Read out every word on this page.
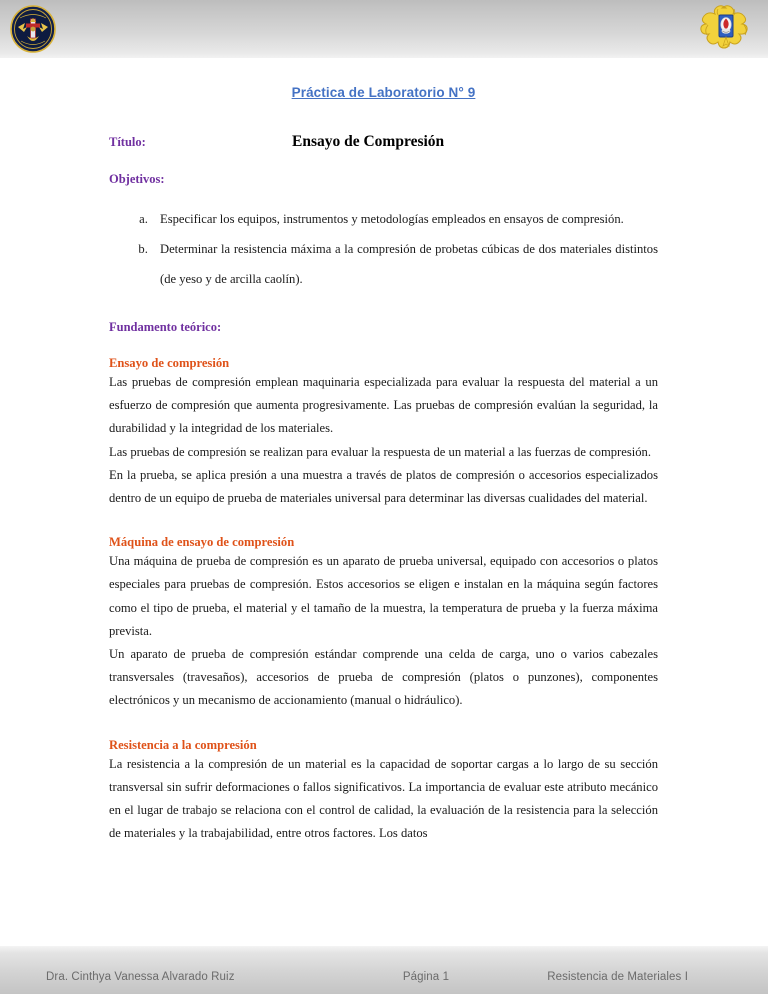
Práctica de Laboratorio N° 9
Título:	Ensayo de Compresión
Objetivos:
a. Especificar los equipos, instrumentos y metodologías empleados en ensayos de compresión.
b. Determinar la resistencia máxima a la compresión de probetas cúbicas de dos materiales distintos (de yeso y de arcilla caolín).
Fundamento teórico:
Ensayo de compresión

Las pruebas de compresión emplean maquinaria especializada para evaluar la respuesta del material a un esfuerzo de compresión que aumenta progresivamente. Las pruebas de compresión evalúan la seguridad, la durabilidad y la integridad de los materiales.

Las pruebas de compresión se realizan para evaluar la respuesta de un material a las fuerzas de compresión.

En la prueba, se aplica presión a una muestra a través de platos de compresión o accesorios especializados dentro de un equipo de prueba de materiales universal para determinar las diversas cualidades del material.

Máquina de ensayo de compresión

Una máquina de prueba de compresión es un aparato de prueba universal, equipado con accesorios o platos especiales para pruebas de compresión. Estos accesorios se eligen e instalan en la máquina según factores como el tipo de prueba, el material y el tamaño de la muestra, la temperatura de prueba y la fuerza máxima prevista.

Un aparato de prueba de compresión estándar comprende una celda de carga, uno o varios cabezales transversales (travesaños), accesorios de prueba de compresión (platos o punzones), componentes electrónicos y un mecanismo de accionamiento (manual o hidráulico).

Resistencia a la compresión

La resistencia a la compresión de un material es la capacidad de soportar cargas a lo largo de su sección transversal sin sufrir deformaciones o fallos significativos. La importancia de evaluar este atributo mecánico en el lugar de trabajo se relaciona con el control de calidad, la evaluación de la resistencia para la selección de materiales y la trabajabilidad, entre otros factores. Los datos

Dra. Cinthya Vanessa Alvarado Ruiz	Página 1	Resistencia de Materiales I
